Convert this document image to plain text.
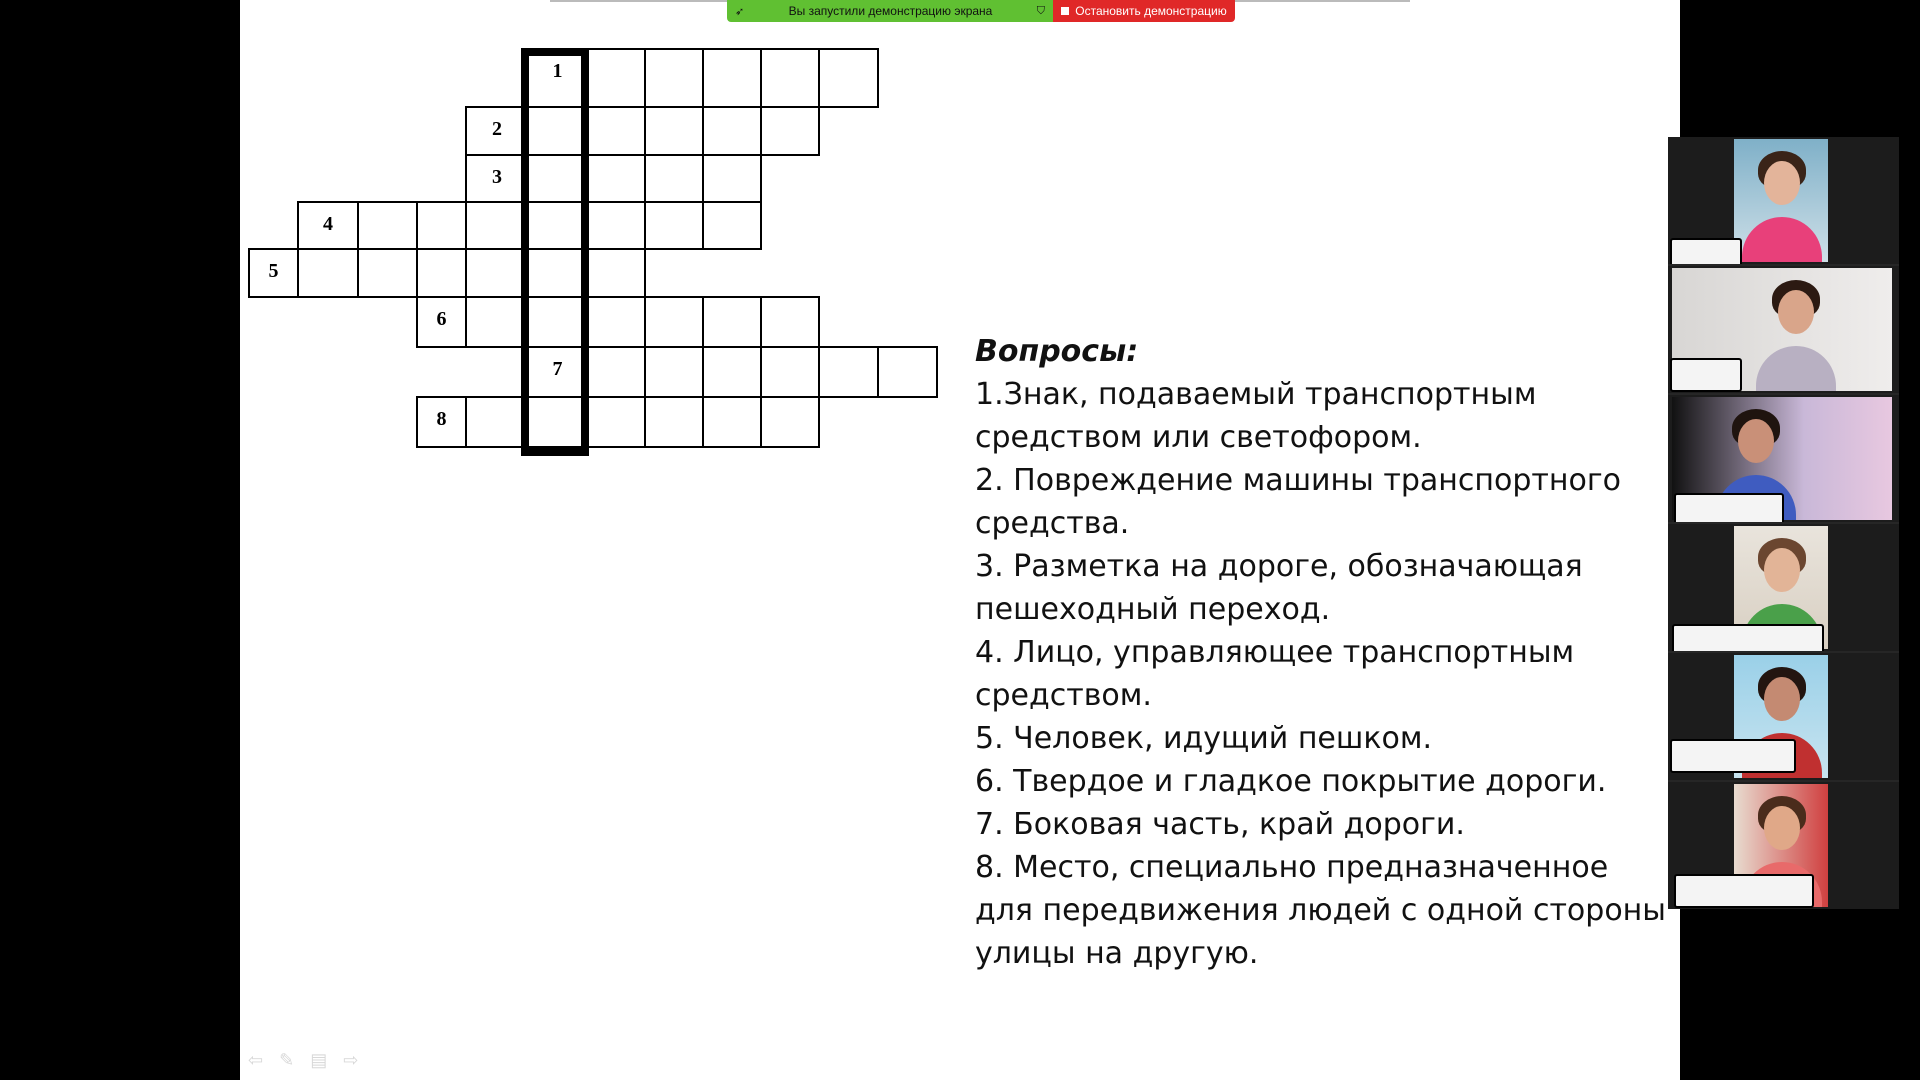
➶	Вы запустили демонстрацию экрана	⛉	Остановить демонстрацию
1
2
3
4
5
6
7
8

Вопросы:

1.Знак, подаваемый транспортным средством или светофором.

2. Повреждение машины транспортного средства.

3. Разметка на дороге, обозначающая пешеходный переход.

4. Лицо, управляющее транспортным средством.

5. Человек, идущий пешком.

6. Твердое и гладкое покрытие дороги.

7. Боковая часть, край дороги.

8. Место, специально предназначенное для передвижения людей с одной стороны улицы на другую.

⇦ ✎ ▤ ⇨
